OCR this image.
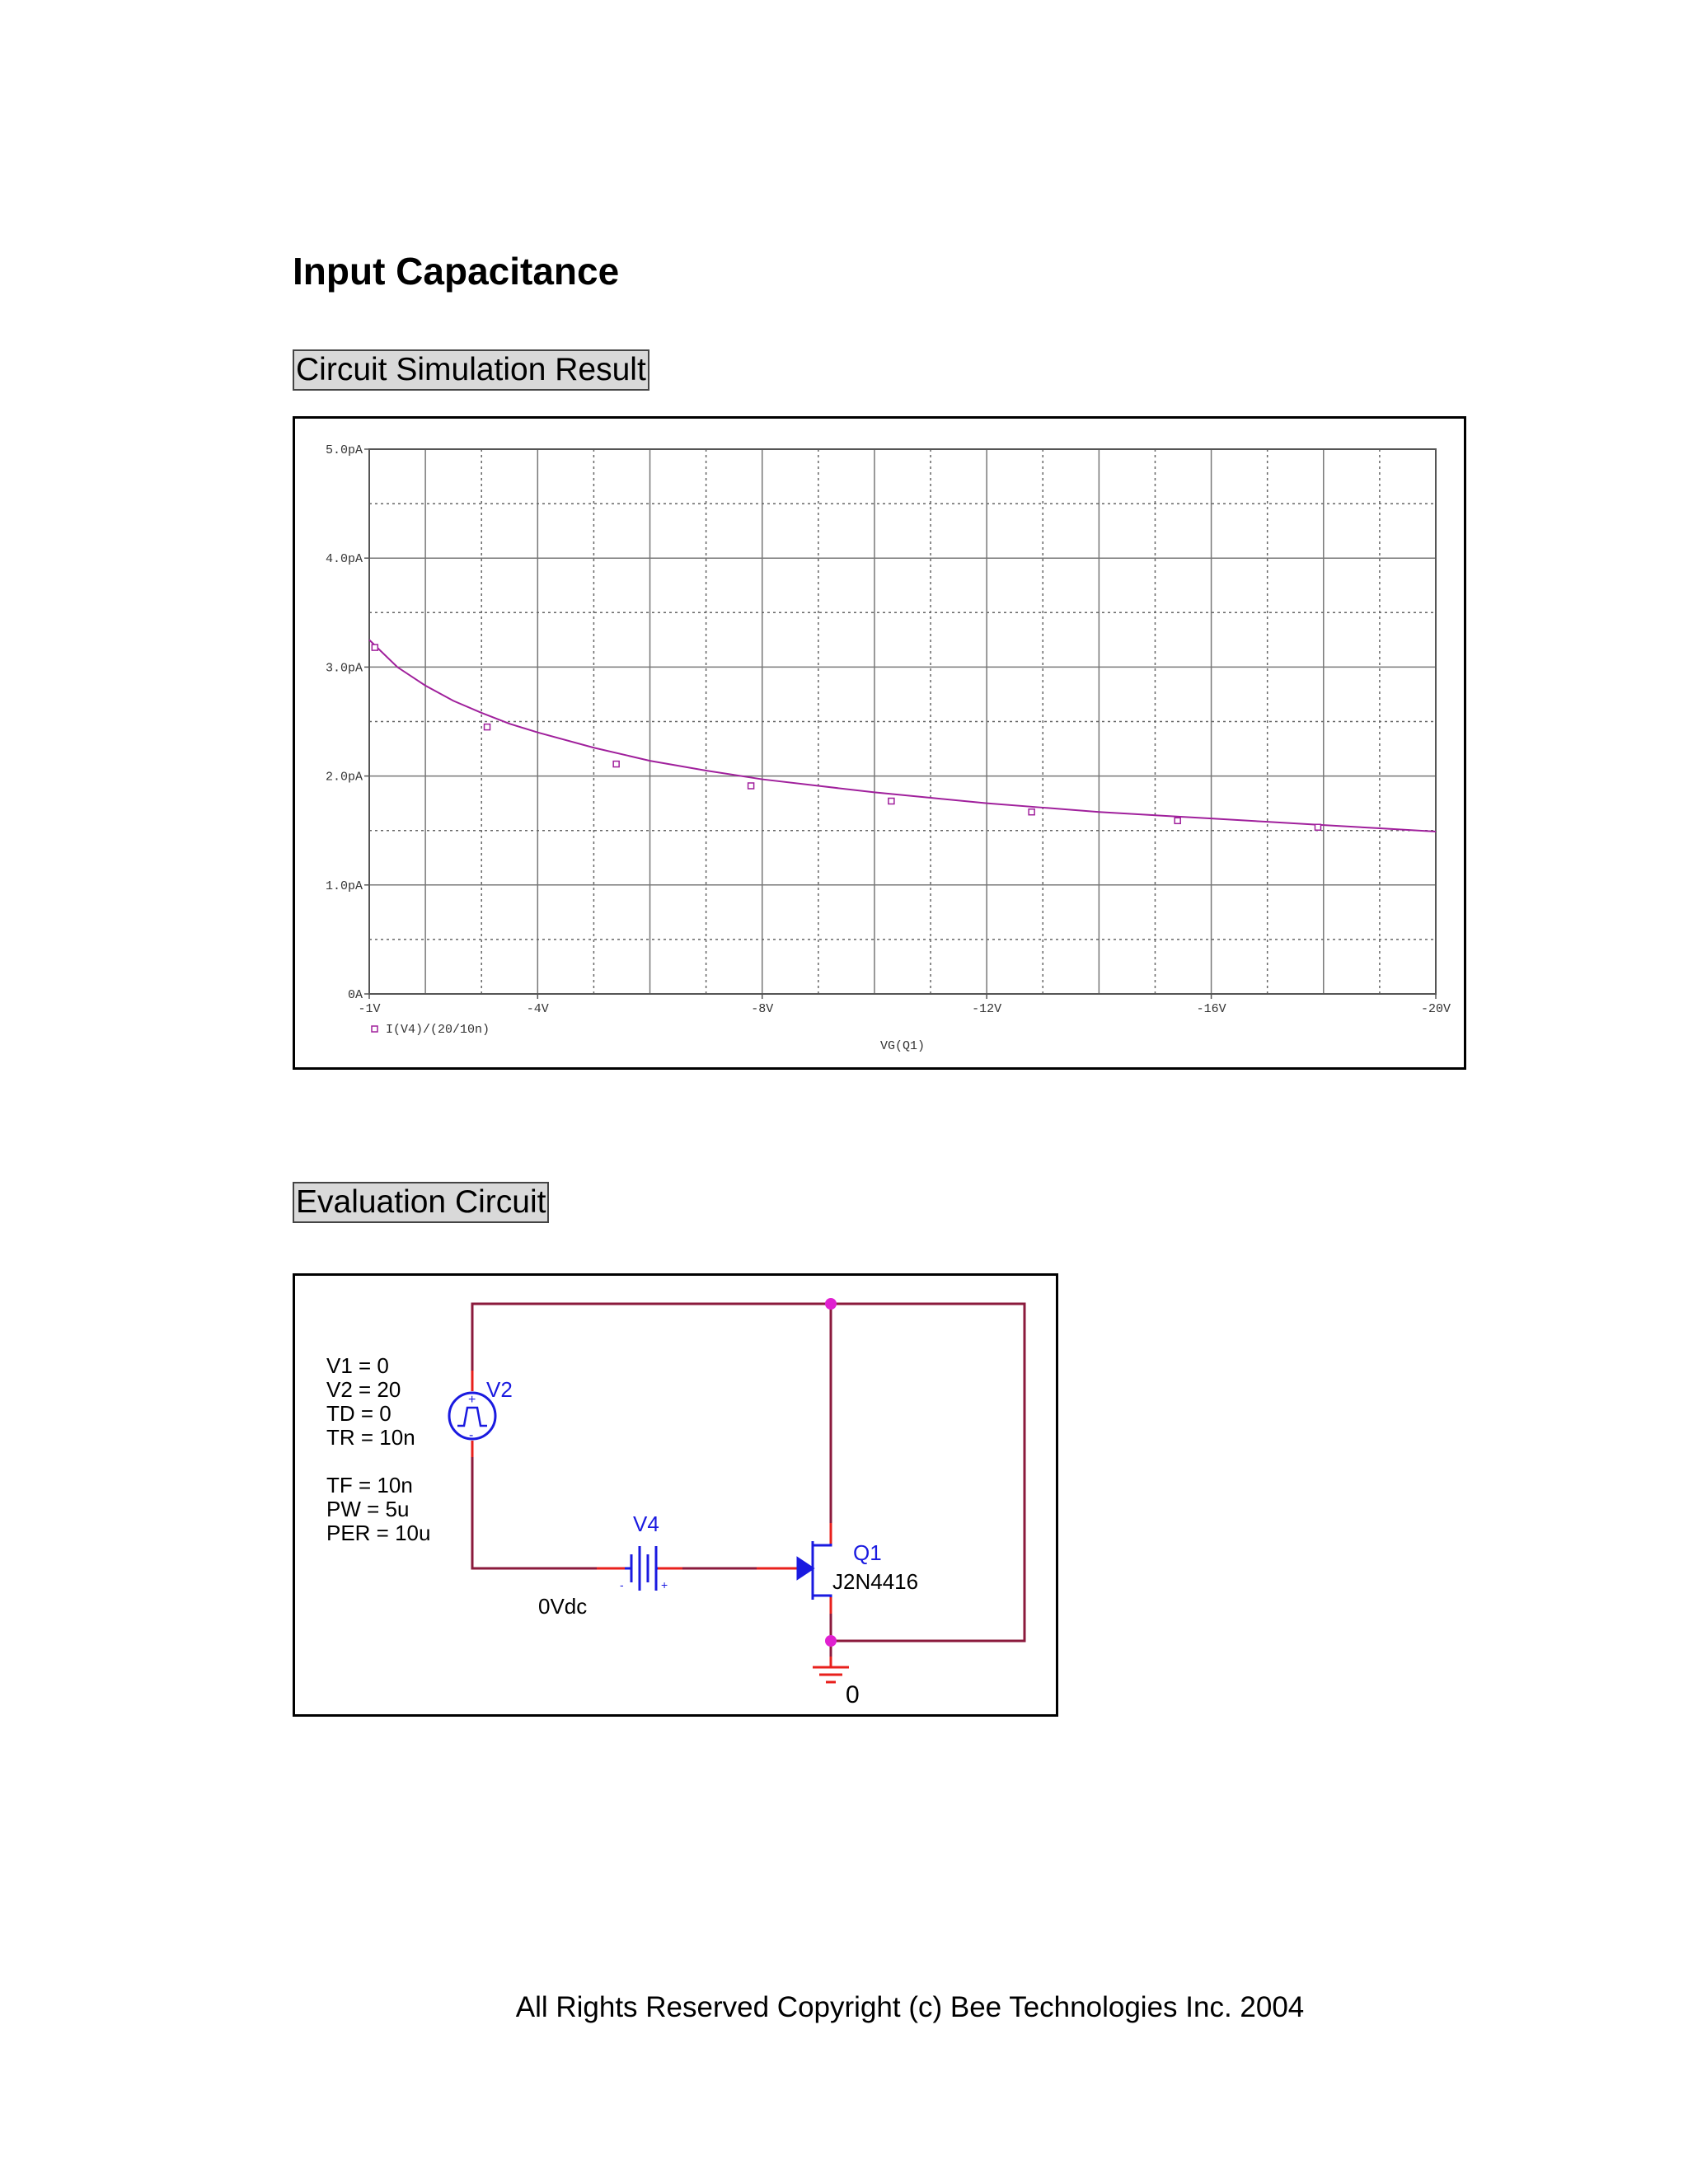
Input Capacitance
Circuit Simulation Result
0A
1.0pA
2.0pA
3.0pA
4.0pA
5.0pA
-1V	-4V	-8V	-12V	-16V	-20V
I(V4)/(20/10n)
VG(Q1)
Evaluation Circuit
+
-
V2
-	+
V4
0Vdc
Q1
J2N4416
0
V1 = 0
V2 = 20
TD = 0
TR = 10n
TF = 10n
PW = 5u
PER = 10u
All Rights Reserved Copyright (c) Bee Technologies Inc. 2004
